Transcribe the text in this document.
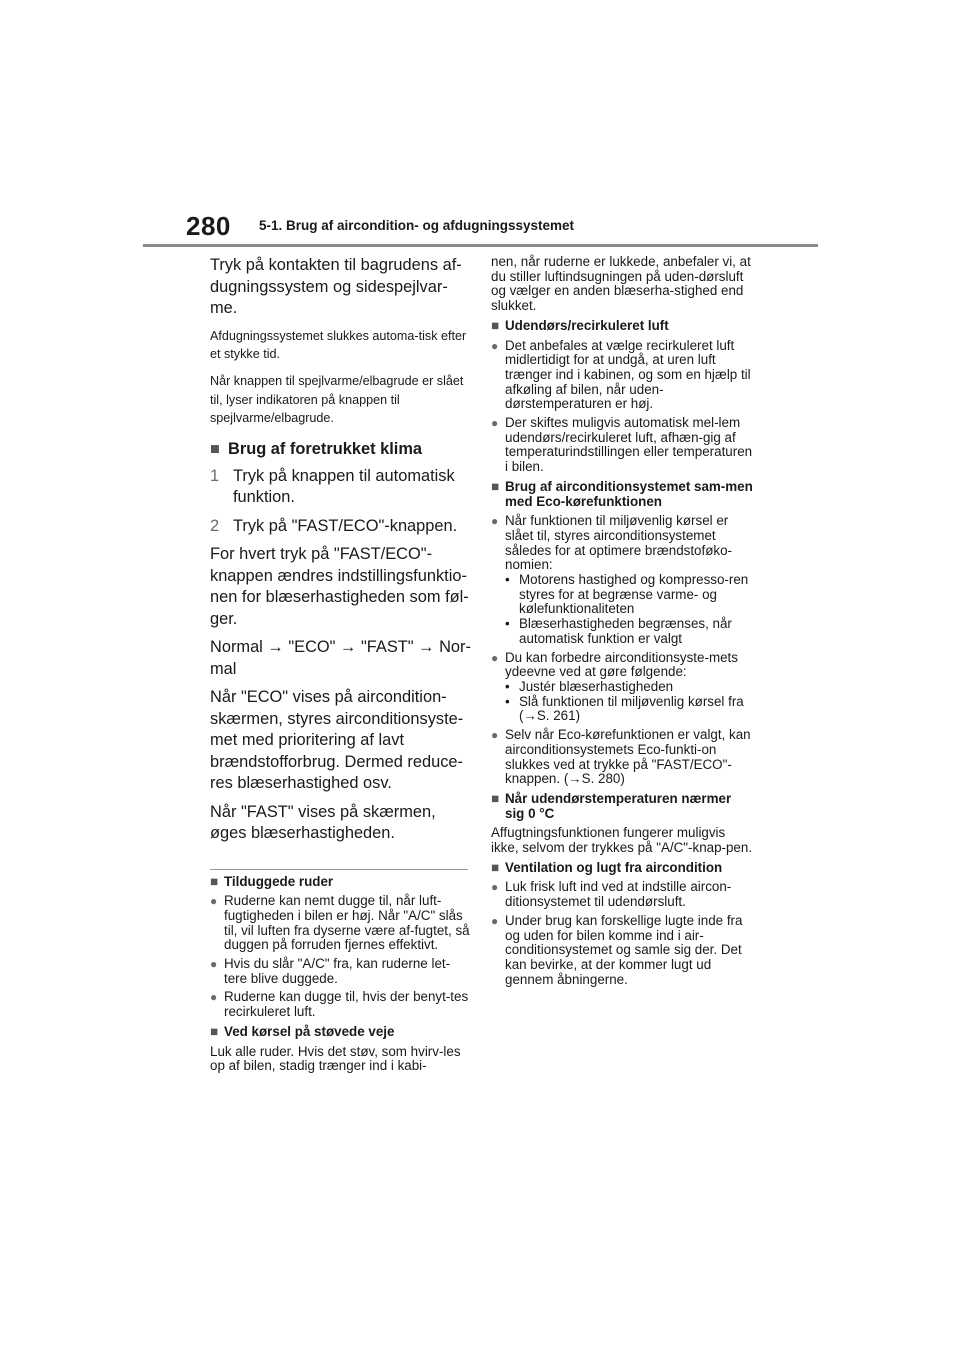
280 5-1. Brug af aircondition- og afdugningssystemet

Tryk på kontakten til bagrudens af-dugningssystem og sidespejlvar-me.

Afdugningssystemet slukkes automa-tisk efter et stykke tid.
Når knappen til spejlvarme/elbagrude er slået til, lyser indikatoren på knappen til spejlvarme/elbagrude.
■ Brug af foretrukket klima
1 Tryk på knappen til automatisk funktion.
2 Tryk på "FAST/ECO"-knappen.

For hvert tryk på "FAST/ECO"-knappen ændres indstillingsfunktio-nen for blæserhastigheden som føl-ger.

Normal → "ECO" → "FAST" → Nor-mal

Når "ECO" vises på aircondition-skærmen, styres airconditionsyste-met med prioritering af lavt brændstofforbrug. Dermed reduce-res blæserhastighed osv.

Når "FAST" vises på skærmen, øges blæserhastigheden.

■ Tilduggede ruder
● Ruderne kan nemt dugge til, når luft-fugtigheden i bilen er høj. Når "A/C" slås til, vil luften fra dyserne være af-fugtet, så duggen på forruden fjernes effektivt.
● Hvis du slår "A/C" fra, kan ruderne let-tere blive duggede.
● Ruderne kan dugge til, hvis der benyt-tes recirkuleret luft.
■ Ved kørsel på støvede veje
Luk alle ruder. Hvis det støv, som hvirv-les op af bilen, stadig trænger ind i kabi-
nen, når ruderne er lukkede, anbefaler vi, at du stiller luftindsugningen på uden-dørsluft og vælger en anden blæserha-stighed end slukket.
■ Udendørs/recirkuleret luft
● Det anbefales at vælge recirkuleret luft midlertidigt for at undgå, at uren luft trænger ind i kabinen, og som en hjælp til afkøling af bilen, når uden-dørstemperaturen er høj.
● Der skiftes muligvis automatisk mel-lem udendørs/recirkuleret luft, afhæn-gig af temperaturindstillingen eller temperaturen i bilen.
■ Brug af airconditionsystemet sam-men med Eco-kørefunktionen
● Når funktionen til miljøvenlig kørsel er slået til, styres airconditionsystemet således for at optimere brændstoføko-nomien:
• Motorens hastighed og kompresso-ren styres for at begrænse varme- og kølefunktionaliteten
• Blæserhastigheden begrænses, når automatisk funktion er valgt
● Du kan forbedre airconditionsyste-mets ydeevne ved at gøre følgende:
• Justér blæserhastigheden
• Slå funktionen til miljøvenlig kørsel fra (→S. 261)
● Selv når Eco-kørefunktionen er valgt, kan airconditionsystemets Eco-funkti-on slukkes ved at trykke på "FAST/ECO"-knappen. (→S. 280)
■ Når udendørstemperaturen nærmer sig 0 °C
Affugtningsfunktionen fungerer muligvis ikke, selvom der trykkes på "A/C"-knap-pen.
■ Ventilation og lugt fra aircondition
● Luk frisk luft ind ved at indstille aircon-ditionsystemet til udendørsluft.
● Under brug kan forskellige lugte inde fra og uden for bilen komme ind i air-conditionsystemet og samle sig der. Det kan bevirke, at der kommer lugt ud gennem åbningerne.
